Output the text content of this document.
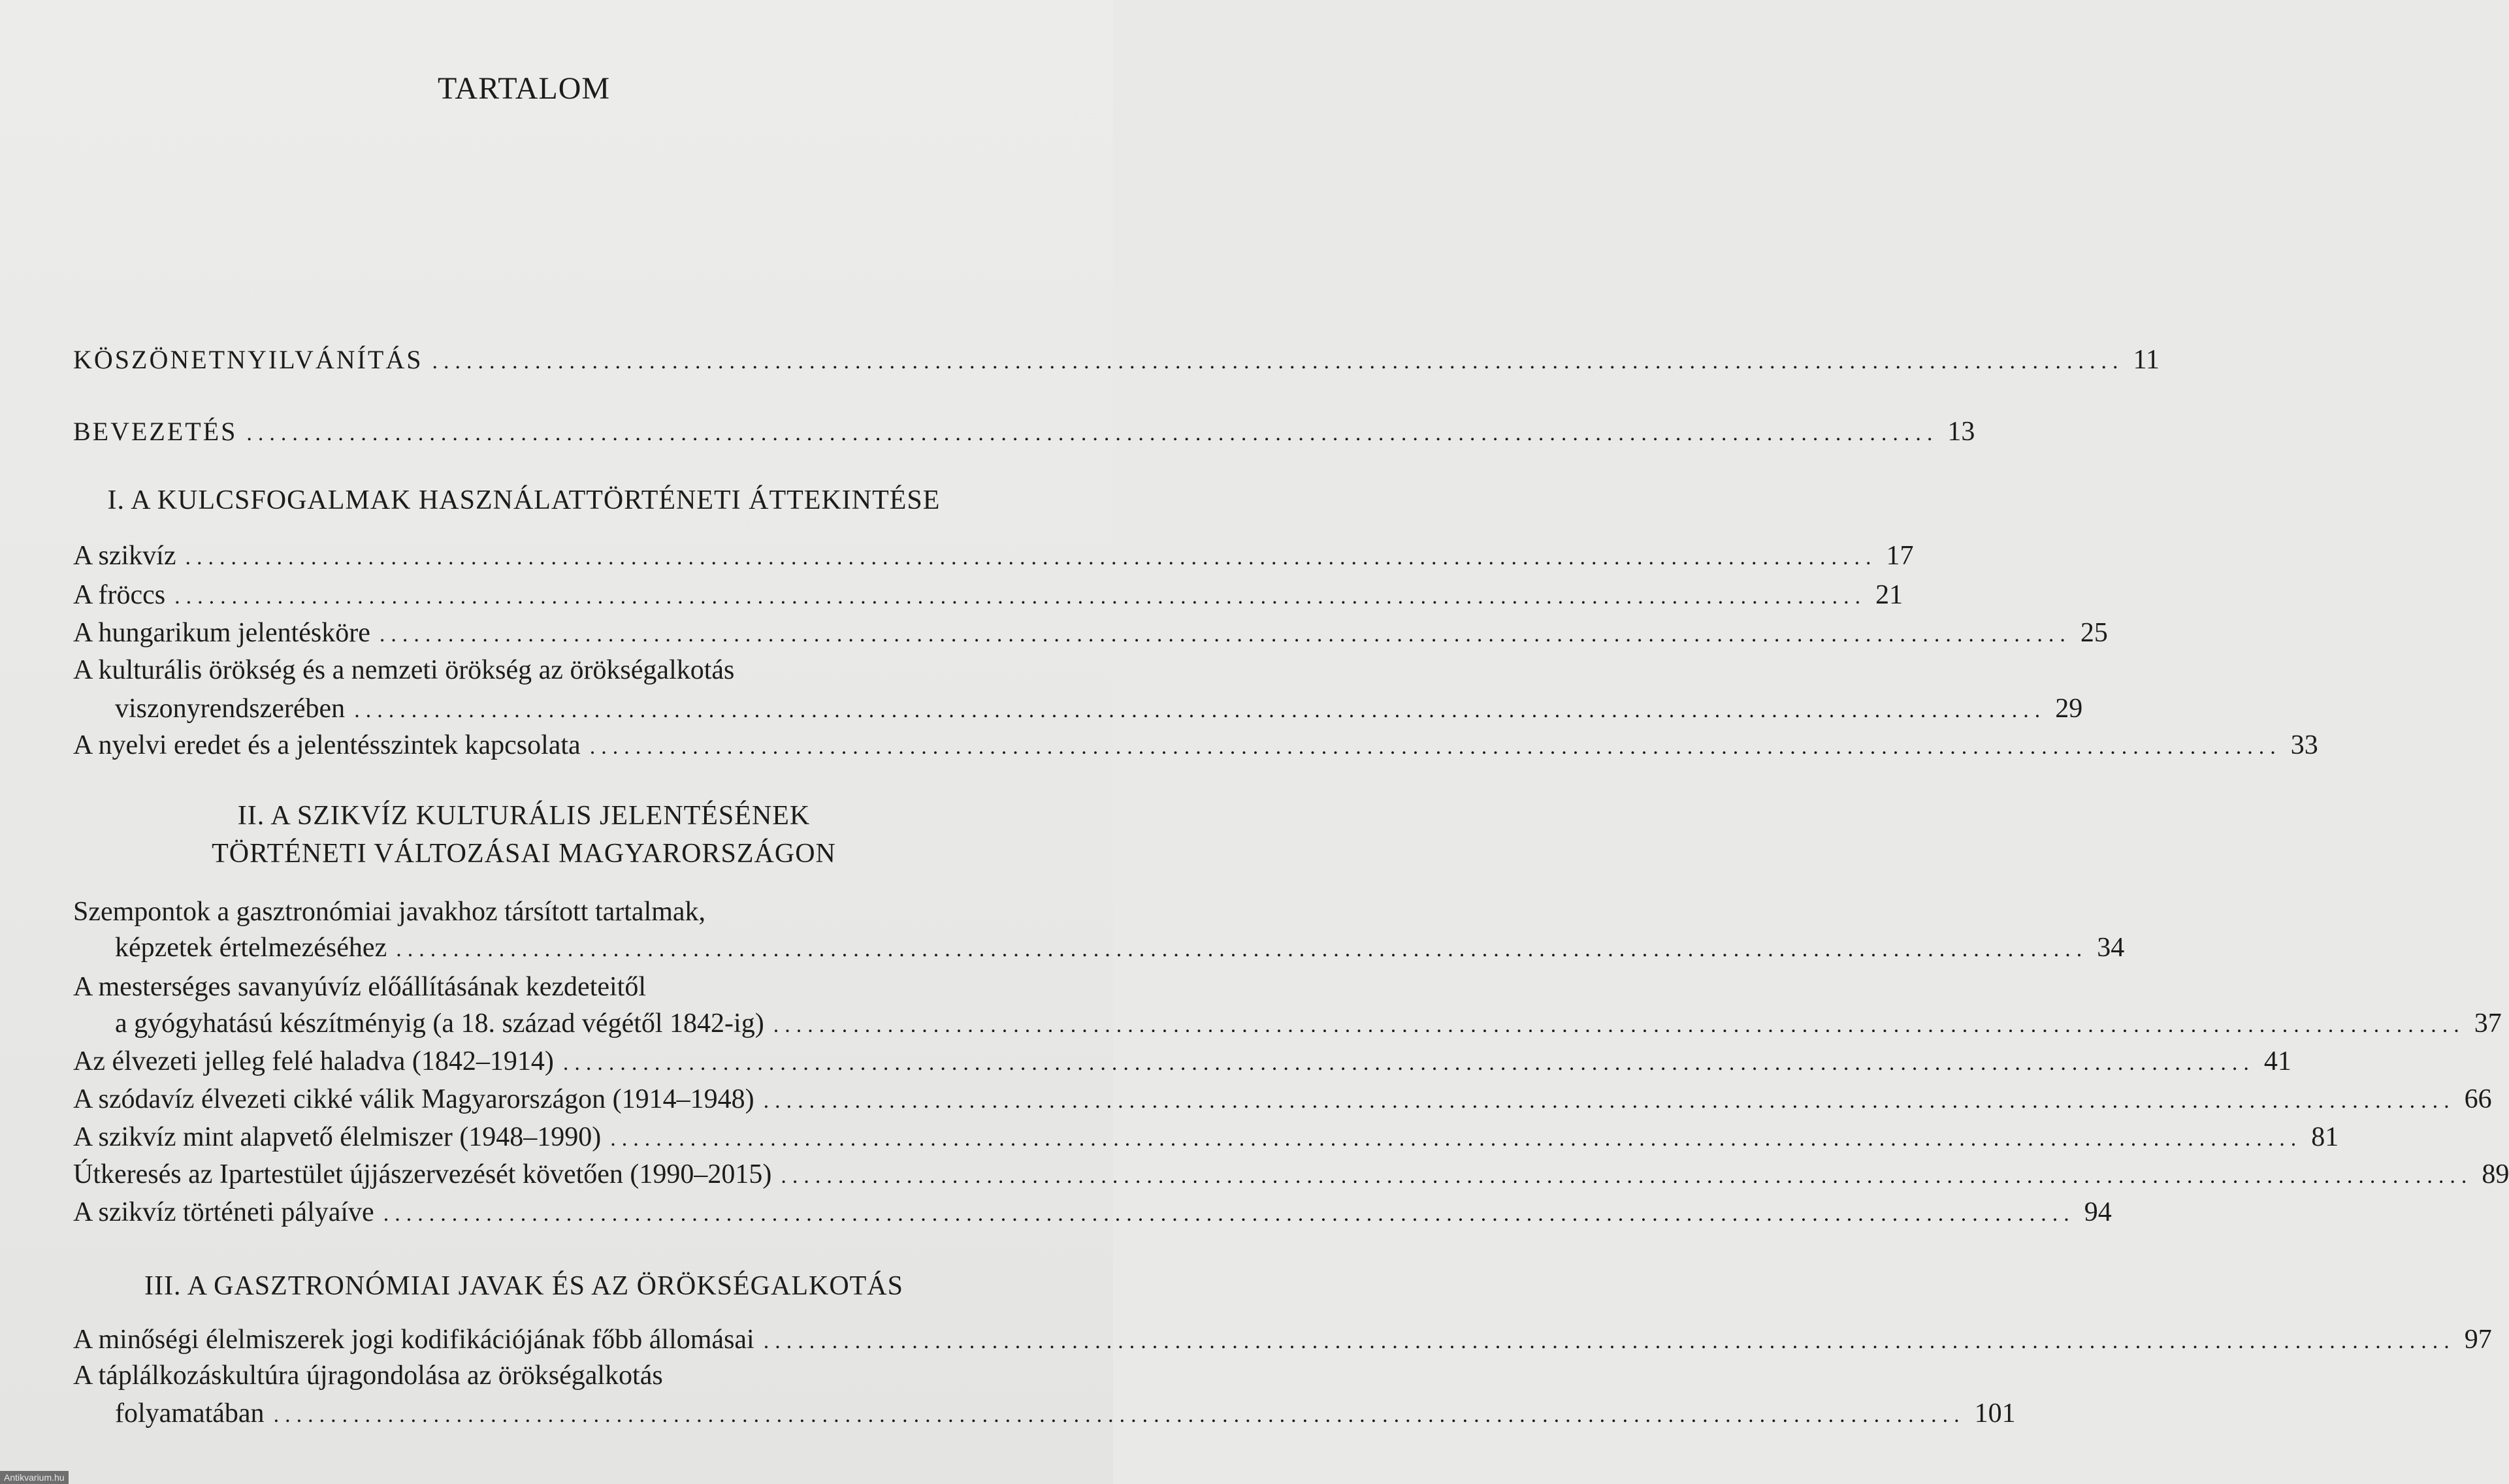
TARTALOM
KÖSZÖNETNYILVÁNÍTÁS .................................................................................................................................................... 11
BEVEZETÉS .................................................................................................................................................... 13
I. A KULCSFOGALMAK HASZNÁLATTÖRTÉNETI ÁTTEKINTÉSE
A szikvíz .................................................................................................................................................... 17
A fröccs .................................................................................................................................................... 21
A hungarikum jelentésköre .................................................................................................................................................... 25
A kulturális örökség és a nemzeti örökség az örökségalkotás
viszonyrendszerében .................................................................................................................................................... 29
A nyelvi eredet és a jelentésszintek kapcsolata .................................................................................................................................................... 33
II. A SZIKVÍZ KULTURÁLIS JELENTÉSÉNEK
TÖRTÉNETI VÁLTOZÁSAI MAGYARORSZÁGON
Szempontok a gasztronómiai javakhoz társított tartalmak,
képzetek értelmezéséhez .................................................................................................................................................... 34
A mesterséges savanyúvíz előállításának kezdeteitől
a gyógyhatású készítményig (a 18. század végétől 1842-ig) .................................................................................................................................................... 37
Az élvezeti jelleg felé haladva (1842–1914) .................................................................................................................................................... 41
A szódavíz élvezeti cikké válik Magyarországon (1914–1948) .................................................................................................................................................... 66
A szikvíz mint alapvető élelmiszer (1948–1990) .................................................................................................................................................... 81
Útkeresés az Ipartestület újjászervezését követően (1990–2015) .................................................................................................................................................... 89
A szikvíz történeti pályaíve .................................................................................................................................................... 94
III. A GASZTRONÓMIAI JAVAK ÉS AZ ÖRÖKSÉGALKOTÁS
A minőségi élelmiszerek jogi kodifikációjának főbb állomásai .................................................................................................................................................... 97
A táplálkozáskultúra újragondolása az örökségalkotás
folyamatában .................................................................................................................................................... 101
Antikvarium.hu
